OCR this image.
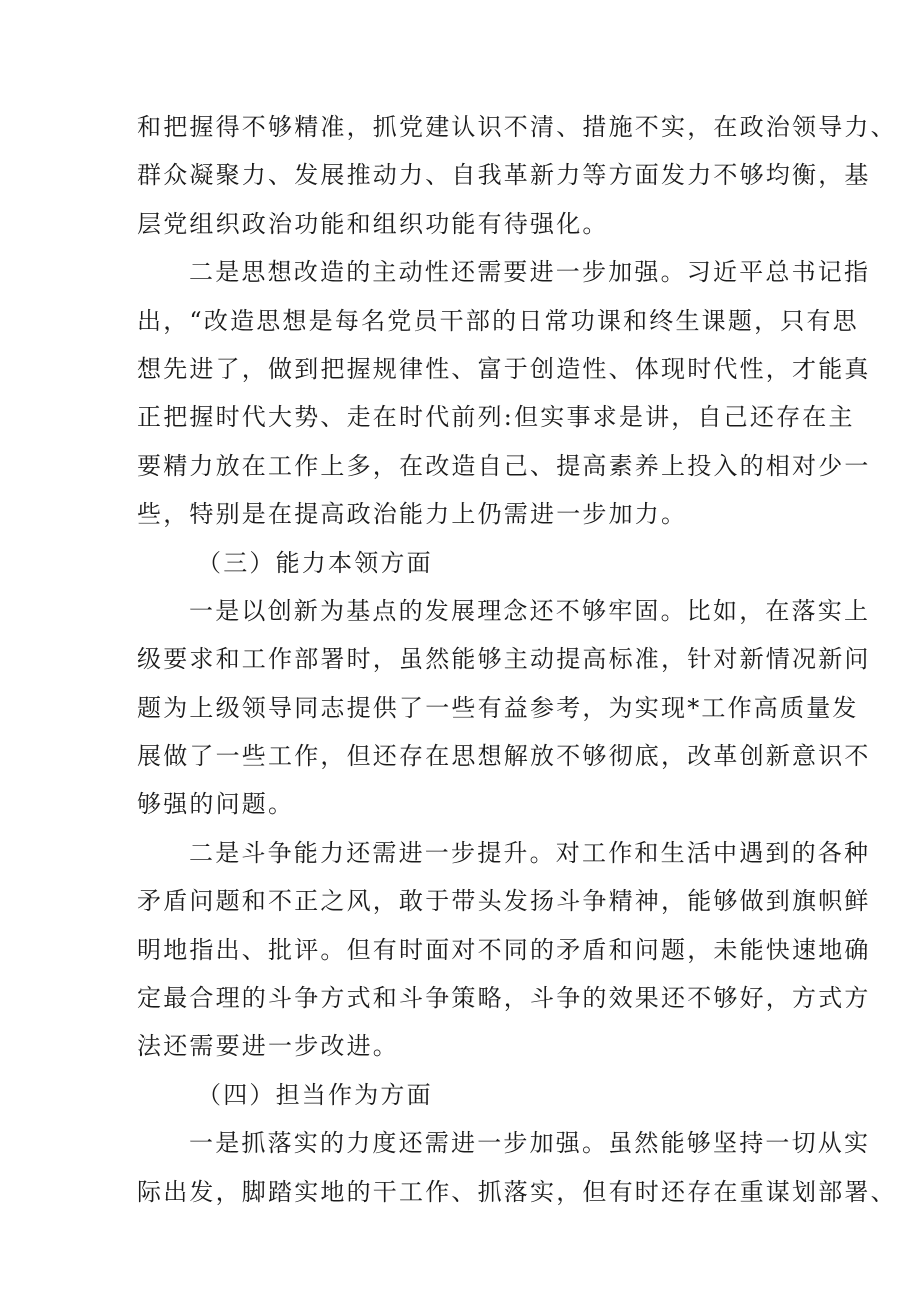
和把握得不够精准，抓党建认识不清、措施不实，在政治领导力、
群众凝聚力、发展推动力、自我革新力等方面发力不够均衡，基
层党组织政治功能和组织功能有待强化。
二是思想改造的主动性还需要进一步加强。习近平总书记指
出，“改造思想是每名党员干部的日常功课和终生课题，只有思
想先进了，做到把握规律性、富于创造性、体现时代性，才能真
正把握时代大势、走在时代前列:但实事求是讲，自己还存在主
要精力放在工作上多，在改造自己、提高素养上投入的相对少一
些，特别是在提高政治能力上仍需进一步加力。
（三）能力本领方面
一是以创新为基点的发展理念还不够牢固。比如，在落实上
级要求和工作部署时，虽然能够主动提高标准，针对新情况新问
题为上级领导同志提供了一些有益参考，为实现*工作高质量发
展做了一些工作，但还存在思想解放不够彻底，改革创新意识不
够强的问题。
二是斗争能力还需进一步提升。对工作和生活中遇到的各种
矛盾问题和不正之风，敢于带头发扬斗争精神，能够做到旗帜鲜
明地指出、批评。但有时面对不同的矛盾和问题，未能快速地确
定最合理的斗争方式和斗争策略，斗争的效果还不够好，方式方
法还需要进一步改进。
（四）担当作为方面
一是抓落实的力度还需进一步加强。虽然能够坚持一切从实
际出发，脚踏实地的干工作、抓落实，但有时还存在重谋划部署、
